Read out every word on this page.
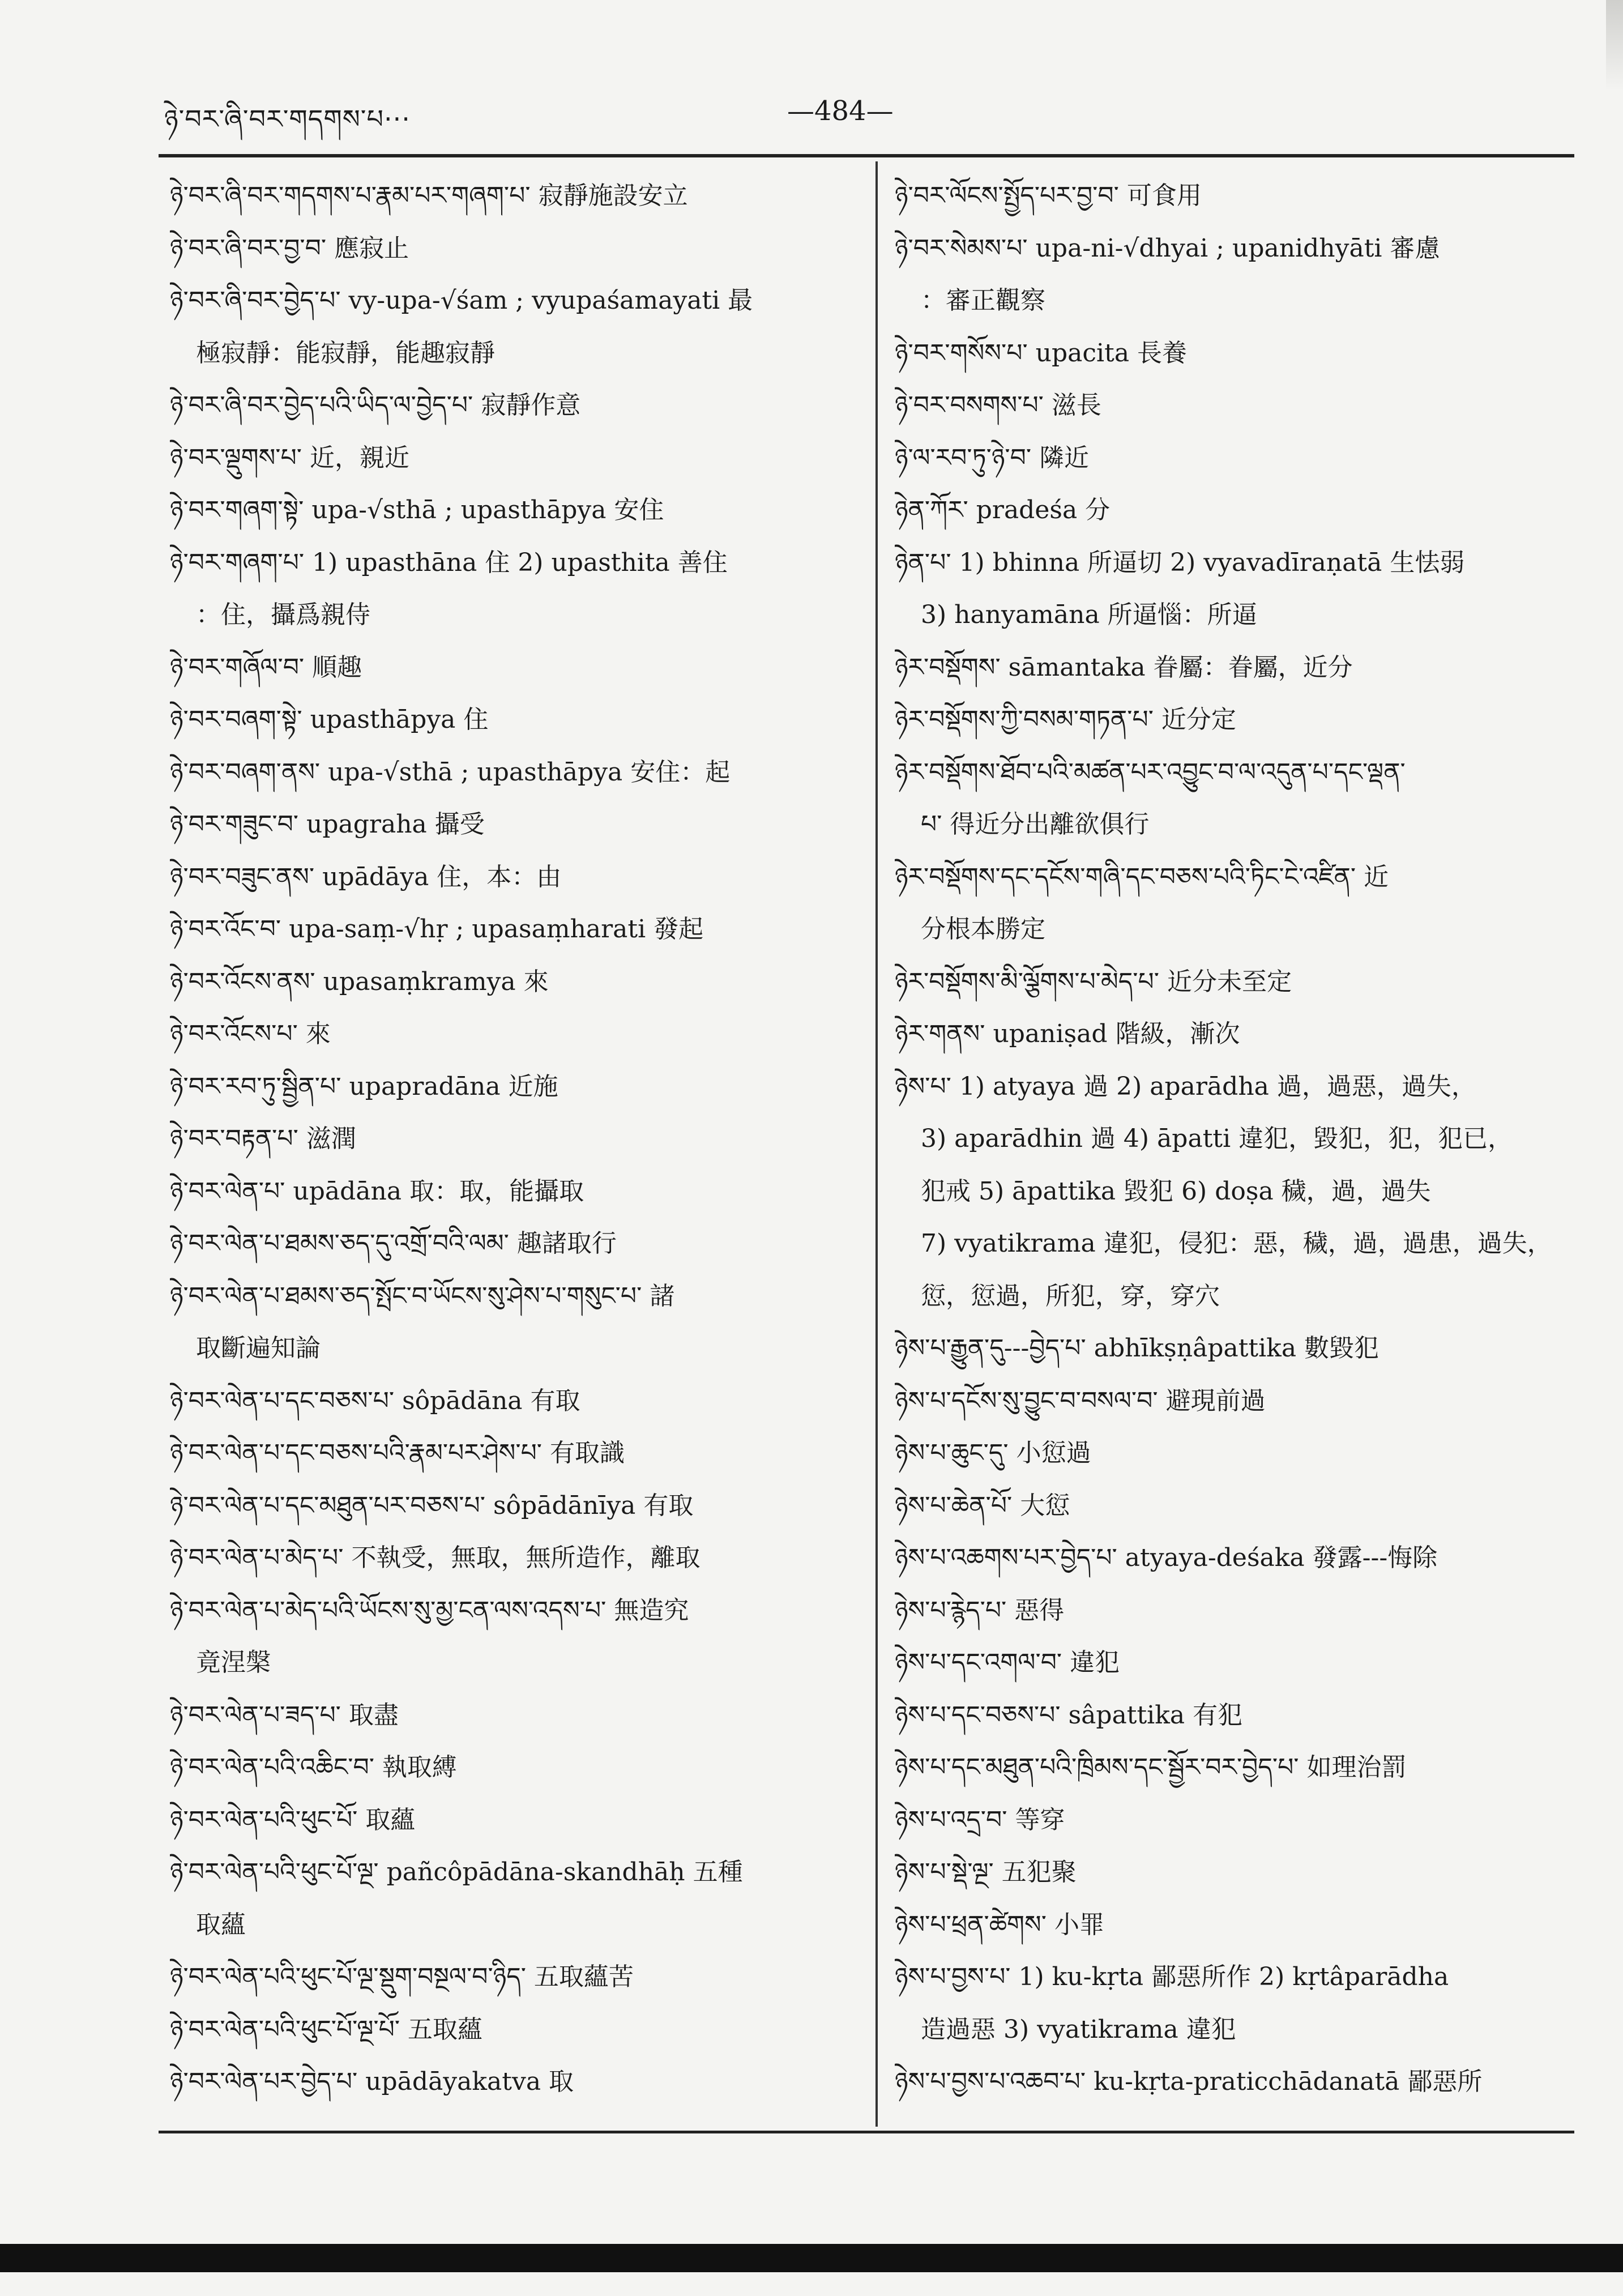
ཉེ་བར་ཞི་བར་གདགས་པ···	—484—
ཉེ་བར་ཞི་བར་གདགས་པ་རྣམ་པར་གཞག་པ་ 寂靜施設安立
ཉེ་བར་ཞི་བར་བྱ་བ་ 應寂止
ཉེ་བར་ཞི་བར་བྱེད་པ་ vy-upa-√śam ; vyupaśamayati 最
極寂靜：能寂靜，能趣寂靜
ཉེ་བར་ཞི་བར་བྱེད་པའི་ཡིད་ལ་བྱེད་པ་ 寂靜作意
ཉེ་བར་ལྡུགས་པ་ 近，親近
ཉེ་བར་གཞག་སྟེ་ upa-√sthā ; upasthāpya 安住
ཉེ་བར་གཞག་པ་ 1) upasthāna 住 2) upasthita 善住
：住，攝爲親侍
ཉེ་བར་གཞོལ་བ་ 順趣
ཉེ་བར་བཞག་སྟེ་ upasthāpya 住
ཉེ་བར་བཞག་ནས་ upa-√sthā ; upasthāpya 安住：起
ཉེ་བར་གཟུང་བ་ upagraha 攝受
ཉེ་བར་བཟུང་ནས་ upādāya 住，本：由
ཉེ་བར་འོང་བ་ upa-saṃ-√hṛ ; upasaṃharati 發起
ཉེ་བར་འོངས་ནས་ upasaṃkramya 來
ཉེ་བར་འོངས་པ་ 來
ཉེ་བར་རབ་ཏུ་སྦྱིན་པ་ upapradāna 近施
ཉེ་བར་བརྟན་པ་ 滋潤
ཉེ་བར་ལེན་པ་ upādāna 取：取，能攝取
ཉེ་བར་ལེན་པ་ཐམས་ཅད་དུ་འགྲོ་བའི་ལམ་ 趣諸取行
ཉེ་བར་ལེན་པ་ཐམས་ཅད་སྤོང་བ་ཡོངས་སུ་ཤེས་པ་གསུང་པ་ 諸
取斷遍知論
ཉེ་བར་ལེན་པ་དང་བཅས་པ་ sôpādāna 有取
ཉེ་བར་ལེན་པ་དང་བཅས་པའི་རྣམ་པར་ཤེས་པ་ 有取識
ཉེ་བར་ལེན་པ་དང་མཐུན་པར་བཅས་པ་ sôpādānīya 有取
ཉེ་བར་ལེན་པ་མེད་པ་ 不執受，無取，無所造作，離取
ཉེ་བར་ལེན་པ་མེད་པའི་ཡོངས་སུ་མྱ་ངན་ལས་འདས་པ་ 無造究
竟涅槃
ཉེ་བར་ལེན་པ་ཟད་པ་ 取盡
ཉེ་བར་ལེན་པའི་འཆིང་བ་ 執取縛
ཉེ་བར་ལེན་པའི་ཕུང་པོ་ 取蘊
ཉེ་བར་ལེན་པའི་ཕུང་པོ་ལྔ་ pañcôpādāna-skandhāḥ 五種
取蘊
ཉེ་བར་ལེན་པའི་ཕུང་པོ་ལྔ་སྡུག་བསྔལ་བ་ཉིད་ 五取蘊苦
ཉེ་བར་ལེན་པའི་ཕུང་པོ་ལྔ་པོ་ 五取蘊
ཉེ་བར་ལེན་པར་བྱེད་པ་ upādāyakatva 取
ཉེ་བར་ལོངས་སྤྱོད་པར་བྱ་བ་ 可食用
ཉེ་བར་སེམས་པ་ upa-ni-√dhyai ; upanidhyāti 審慮
：審正觀察
ཉེ་བར་གསོས་པ་ upacita 長養
ཉེ་བར་བསགས་པ་ 滋長
ཉེ་ལ་རབ་ཏུ་ཉེ་བ་ 隣近
ཉེན་ཀོར་ pradeśa 分
ཉེན་པ་ 1) bhinna 所逼切 2) vyavadīraṇatā 生怯弱
3) hanyamāna 所逼惱：所逼
ཉེར་བསྡོགས་ sāmantaka 眷屬：眷屬，近分
ཉེར་བསྡོགས་ཀྱི་བསམ་གཏན་པ་ 近分定
ཉེར་བསྡོགས་ཐོབ་པའི་མཚན་པར་འབྱུང་བ་ལ་འདུན་པ་དང་ལྡན་
པ་ 得近分出離欲俱行
ཉེར་བསྡོགས་དང་དངོས་གཞི་དང་བཅས་པའི་ཏིང་ངེ་འཛིན་ 近
分根本勝定
ཉེར་བསྡོགས་མི་ལྕོགས་པ་མེད་པ་ 近分未至定
ཉེར་གནས་ upaniṣad 階級，漸次
ཉེས་པ་ 1) atyaya 過 2) aparādha 過，過惡，過失，
3) aparādhin 過 4) āpatti 違犯，毀犯，犯，犯已，
犯戒 5) āpattika 毀犯 6) doṣa 穢，過，過失
7) vyatikrama 違犯，侵犯：惡，穢，過，過患，過失，
愆，愆過，所犯，穿，穿穴
ཉེས་པ་རྒྱུན་དུ---བྱེད་པ་ abhīkṣṇâpattika 數毀犯
ཉེས་པ་དངོས་སུ་བྱུང་བ་བསལ་བ་ 避現前過
ཉེས་པ་ཆུང་དུ་ 小愆過
ཉེས་པ་ཆེན་པོ་ 大愆
ཉེས་པ་འཆགས་པར་བྱེད་པ་ atyaya-deśaka 發露---悔除
ཉེས་པ་རྙེད་པ་ 惡得
ཉེས་པ་དང་འགལ་བ་ 違犯
ཉེས་པ་དང་བཅས་པ་ sâpattika 有犯
ཉེས་པ་དང་མཐུན་པའི་ཁྲིམས་དང་སྦྱོར་བར་བྱེད་པ་ 如理治罰
ཉེས་པ་འདྲ་བ་ 等穿
ཉེས་པ་སྡེ་ལྔ་ 五犯聚
ཉེས་པ་ཕྲན་ཚེགས་ 小罪
ཉེས་པ་བྱས་པ་ 1) ku-kṛta 鄙惡所作 2) kṛtâparādha
造過惡 3) vyatikrama 違犯
ཉེས་པ་བྱས་པ་འཆབ་པ་ ku-kṛta-praticchādanatā 鄙惡所
